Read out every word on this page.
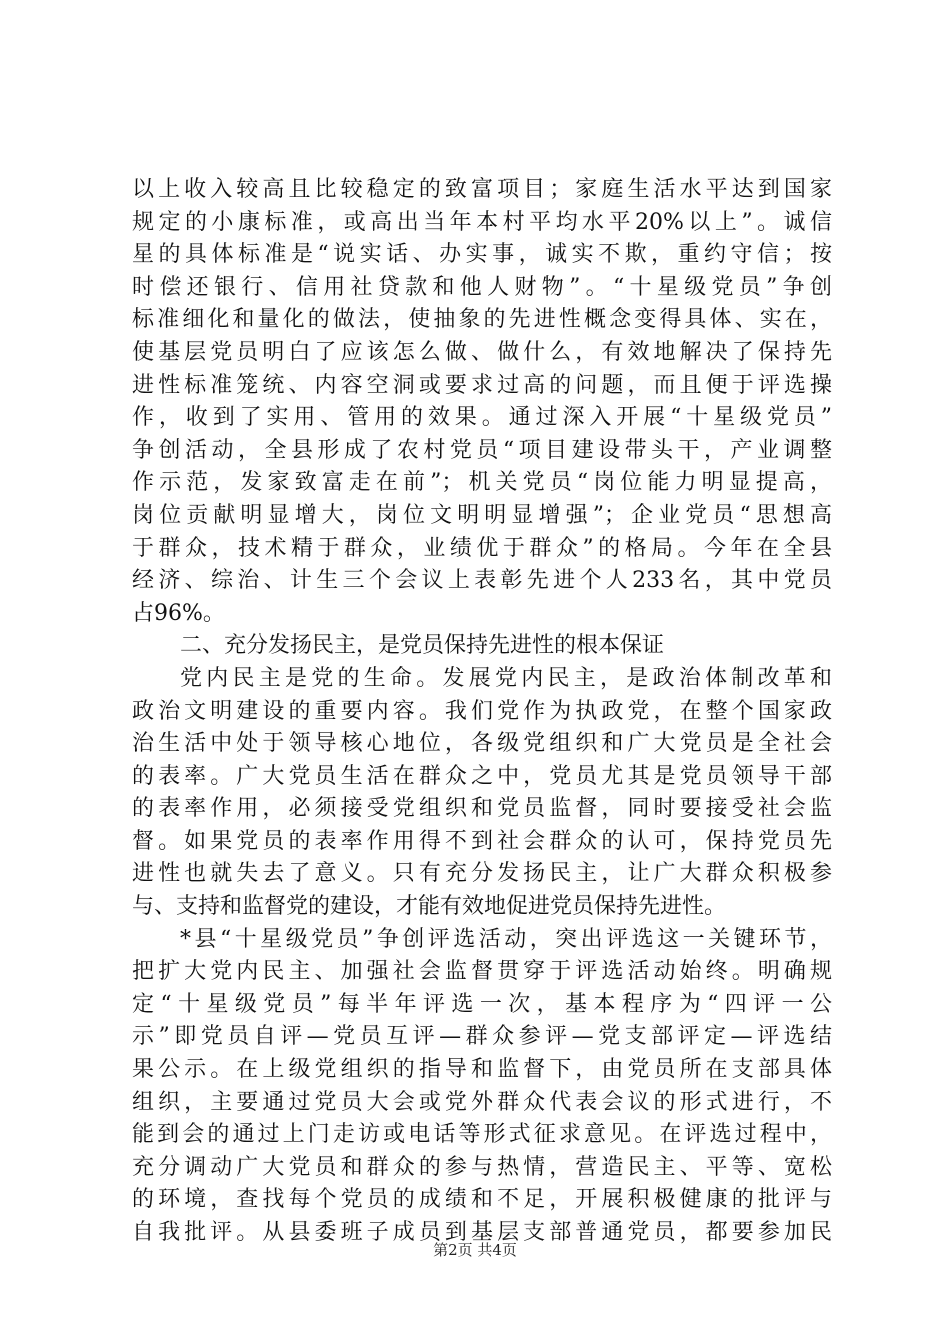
以上收入较高且比较稳定的致富项目；家庭生活水平达到国家
规定的小康标准，或高出当年本村平均水平20%以上”。诚信
星的具体标准是“说实话、办实事，诚实不欺，重约守信；按
时偿还银行、信用社贷款和他人财物”。“十星级党员”争创
标准细化和量化的做法，使抽象的先进性概念变得具体、实在，
使基层党员明白了应该怎么做、做什么，有效地解决了保持先
进性标准笼统、内容空洞或要求过高的问题，而且便于评选操
作，收到了实用、管用的效果。通过深入开展“十星级党员”
争创活动，全县形成了农村党员“项目建设带头干，产业调整
作示范，发家致富走在前”；机关党员“岗位能力明显提高，
岗位贡献明显增大，岗位文明明显增强”；企业党员“思想高
于群众，技术精于群众，业绩优于群众”的格局。今年在全县
经济、综治、计生三个会议上表彰先进个人233名，其中党员
占96%。
二、充分发扬民主，是党员保持先进性的根本保证
党内民主是党的生命。发展党内民主，是政治体制改革和
政治文明建设的重要内容。我们党作为执政党，在整个国家政
治生活中处于领导核心地位，各级党组织和广大党员是全社会
的表率。广大党员生活在群众之中，党员尤其是党员领导干部
的表率作用，必须接受党组织和党员监督，同时要接受社会监
督。如果党员的表率作用得不到社会群众的认可，保持党员先
进性也就失去了意义。只有充分发扬民主，让广大群众积极参
与、支持和监督党的建设，才能有效地促进党员保持先进性。
*县“十星级党员”争创评选活动，突出评选这一关键环节，
把扩大党内民主、加强社会监督贯穿于评选活动始终。明确规
定“十星级党员”每半年评选一次，基本程序为“四评一公
示”即党员自评—党员互评—群众参评—党支部评定—评选结
果公示。在上级党组织的指导和监督下，由党员所在支部具体
组织，主要通过党员大会或党外群众代表会议的形式进行，不
能到会的通过上门走访或电话等形式征求意见。在评选过程中，
充分调动广大党员和群众的参与热情，营造民主、平等、宽松
的环境，查找每个党员的成绩和不足，开展积极健康的批评与
自我批评。从县委班子成员到基层支部普通党员，都要参加民
第2页 共4页
